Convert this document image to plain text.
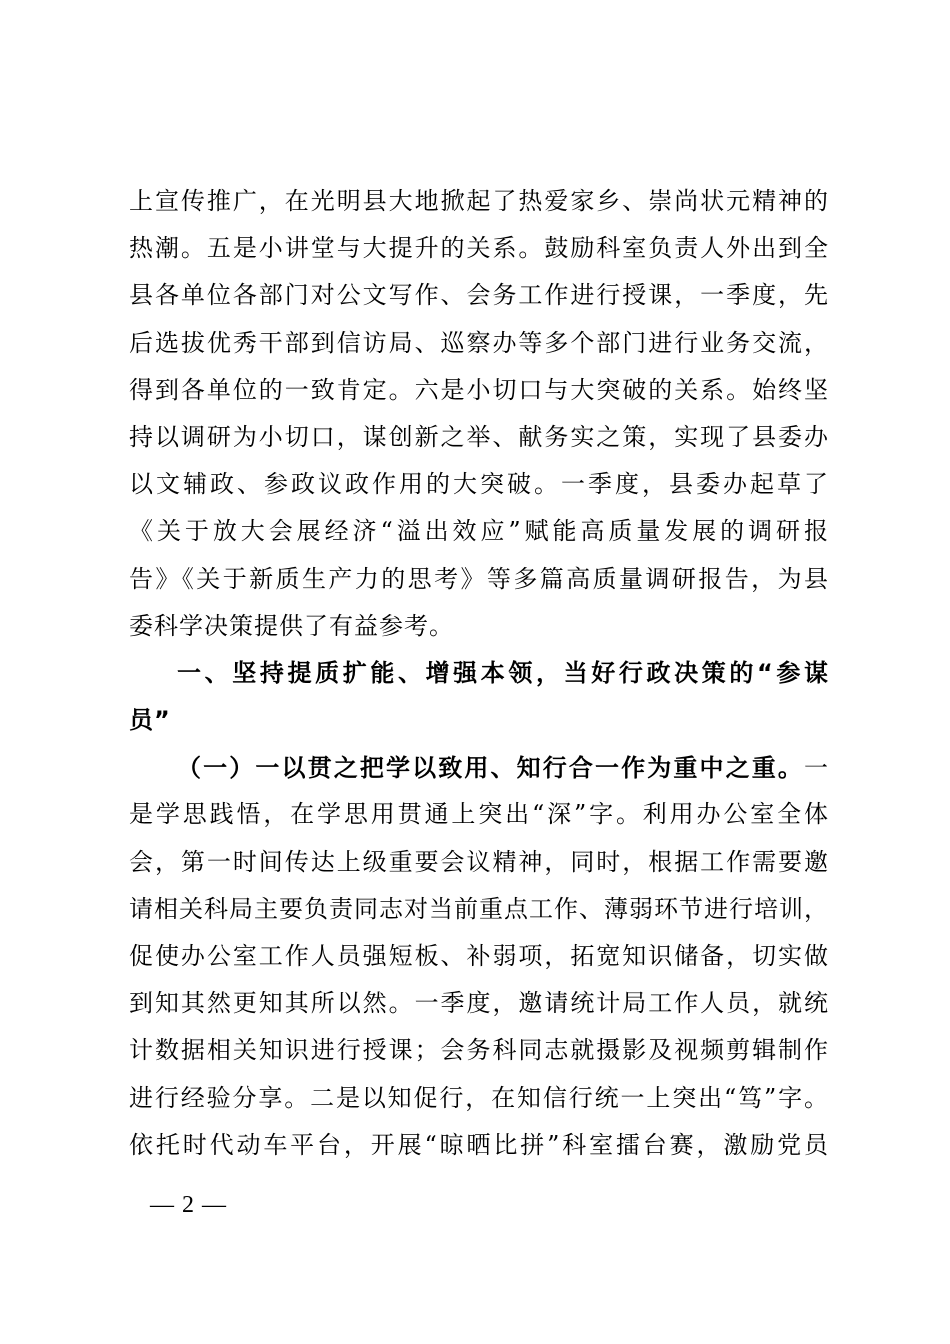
上宣传推广，在光明县大地掀起了热爱家乡、崇尚状元精神的
热潮。五是小讲堂与大提升的关系。鼓励科室负责人外出到全
县各单位各部门对公文写作、会务工作进行授课，一季度，先
后选拔优秀干部到信访局、巡察办等多个部门进行业务交流，
得到各单位的一致肯定。六是小切口与大突破的关系。始终坚
持以调研为小切口，谋创新之举、献务实之策，实现了县委办
以文辅政、参政议政作用的大突破。一季度，县委办起草了
《关于放大会展经济“溢出效应”赋能高质量发展的调研报
告》《关于新质生产力的思考》等多篇高质量调研报告，为县
委科学决策提供了有益参考。
一、坚持提质扩能、增强本领，当好行政决策的“参谋
员”
（一）一以贯之把学以致用、知行合一作为重中之重。一
是学思践悟，在学思用贯通上突出“深”字。利用办公室全体
会，第一时间传达上级重要会议精神，同时，根据工作需要邀
请相关科局主要负责同志对当前重点工作、薄弱环节进行培训，
促使办公室工作人员强短板、补弱项，拓宽知识储备，切实做
到知其然更知其所以然。一季度，邀请统计局工作人员，就统
计数据相关知识进行授课；会务科同志就摄影及视频剪辑制作
进行经验分享。二是以知促行，在知信行统一上突出“笃”字。
依托时代动车平台，开展“晾晒比拼”科室擂台赛，激励党员
— 2 —
